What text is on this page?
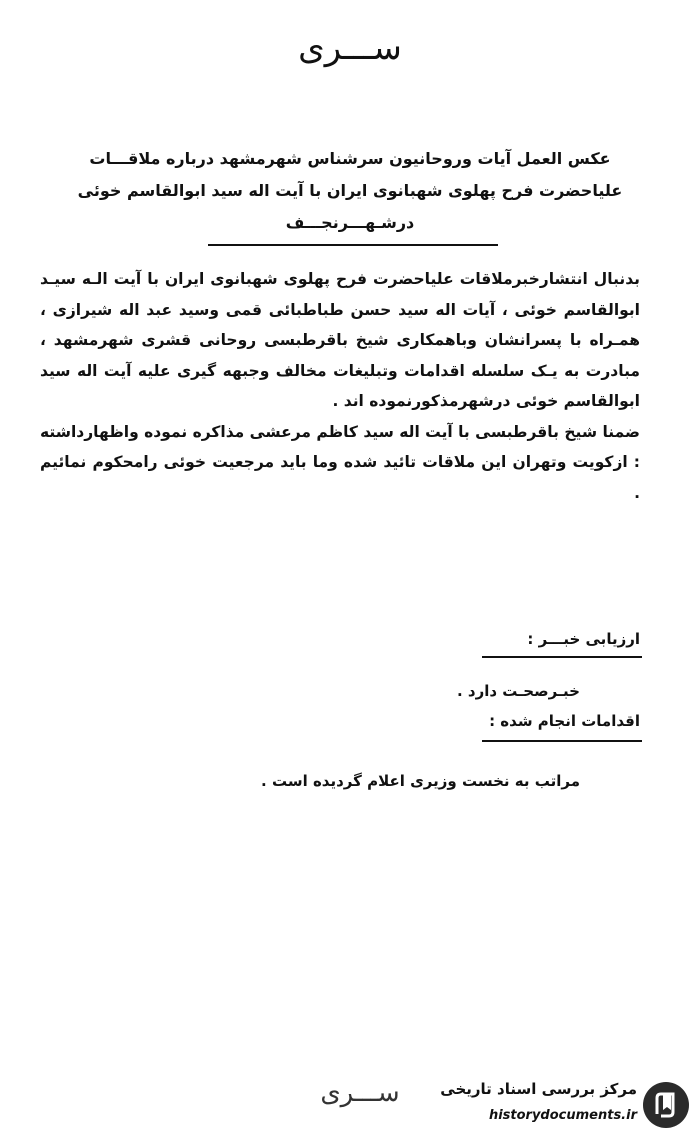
ســـرى
عکس العمل آیات وروحانیون سرشناس شهرمشهد درباره ملاقـــات
علیاحضرت فرح پهلوی شهبانوی ایران با آیت اله سید ابوالقاسم خوئی
درشـهـــرنجـــف

بدنبال انتشارخبرملاقات علیاحضرت فرح پهلوی شهبانوی ایران با آیت الـه سیـد ابوالقاسم خوئی ، آیات اله سید حسن طباطبائی قمی وسید عبد اله شیرازی ، همـراه با پسرانشان وباهمکاری شیخ باقرطبسی روحانی قشری شهرمشهد ، مبادرت به یـک سلسله اقدامات وتبلیغات مخالف وجبهه گیری علیه آیت اله سید ابوالقاسم خوئی درشهرمذکورنموده اند .

ضمنا شیخ باقرطبسی با آیت اله سید کاظم مرعشی مذاکره نموده واظهارداشته : ازکویت وتهران این ملاقات تائید شده وما باید مرجعیت خوئی رامحکوم نمائیم .

ارزیابی خبـــر :
خبـرصحـت دارد .
اقدامات انجام شده :
مراتب به نخست وزیری اعلام گردیده است .
ســـرى	مرکز بررسی اسناد تاریخی
historydocuments.ir
